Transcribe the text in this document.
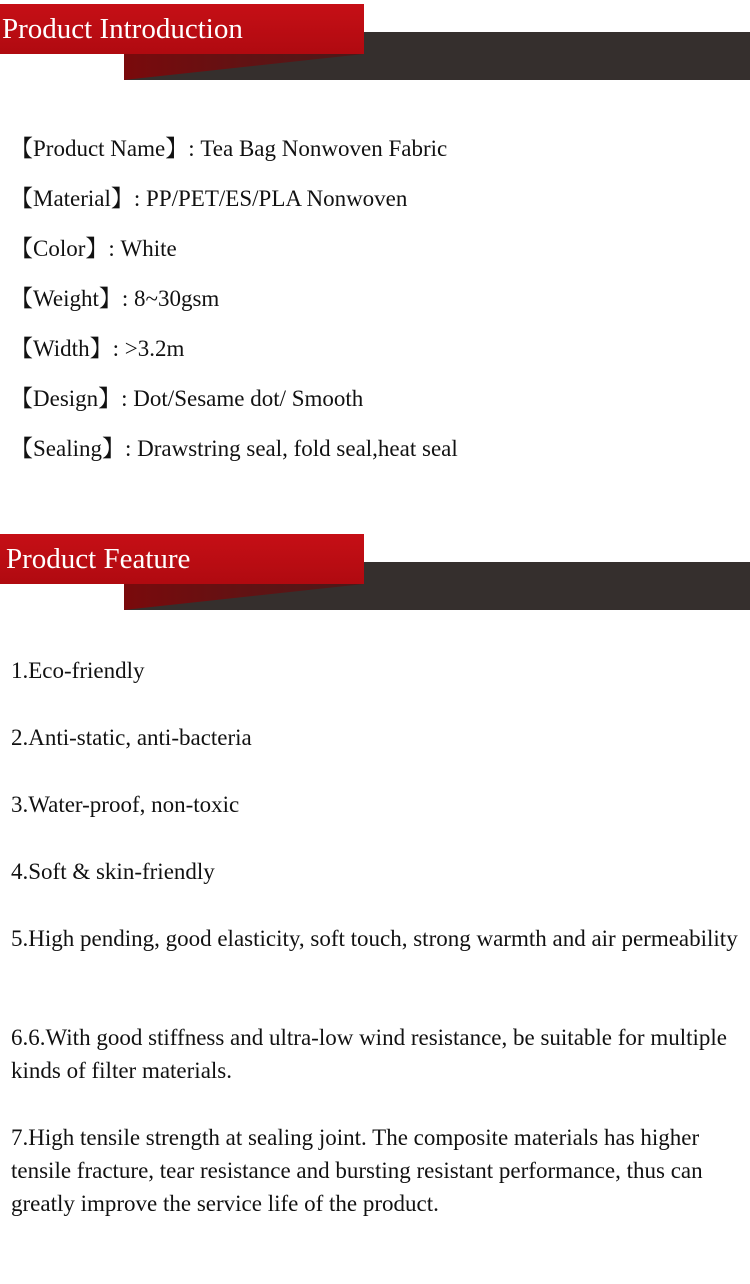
Product Introduction
【Product Name】: Tea Bag Nonwoven Fabric
【Material】: PP/PET/ES/PLA Nonwoven
【Color】: White
【Weight】: 8~30gsm
【Width】: >3.2m
【Design】: Dot/Sesame dot/ Smooth
【Sealing】: Drawstring seal, fold seal,heat seal
Product Feature
1.Eco-friendly
2.Anti-static, anti-bacteria
3.Water-proof, non-toxic
4.Soft & skin-friendly
5.High pending, good elasticity, soft touch, strong warmth and air permeability
6.6.With good stiffness and ultra-low wind resistance, be suitable for multiple kinds of filter materials.
7.High tensile strength at sealing joint. The composite materials has higher tensile fracture, tear resistance and bursting resistant performance, thus can greatly improve the service life of the product.
